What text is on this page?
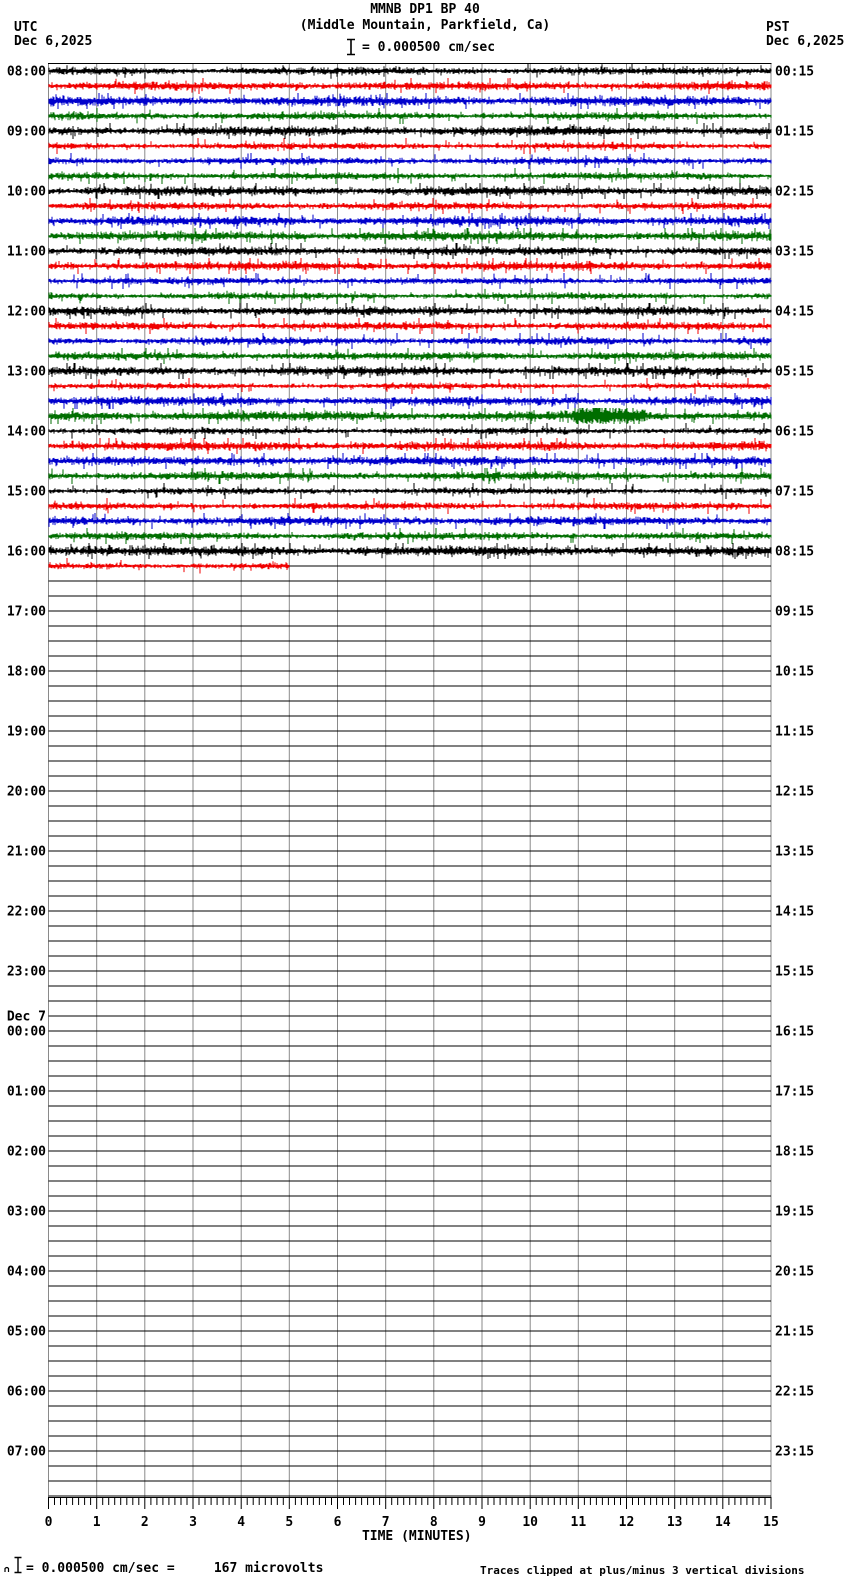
MMNB DP1 BP 40
(Middle Mountain, Parkfield, Ca)
= 0.000500 cm/sec
UTC
Dec 6,2025
PST
Dec 6,2025
0	1	2	3	4	5	6	7	8	9	10	11	12	13	14	15
TIME (MINUTES)
08:00	00:15
09:00	01:15
10:00	02:15
11:00	03:15
12:00	04:15
13:00	05:15
14:00	06:15
15:00	07:15
16:00	08:15
17:00	09:15
18:00	10:15
19:00	11:15
20:00	12:15
21:00	13:15
22:00	14:15
23:00	15:15
00:00	16:15
Dec 7
01:00	17:15
02:00	18:15
03:00	19:15
04:00	20:15
05:00	21:15
06:00	22:15
07:00	23:15
= 0.000500 cm/sec =     167 microvolts	Traces clipped at plus/minus 3 vertical divisions
